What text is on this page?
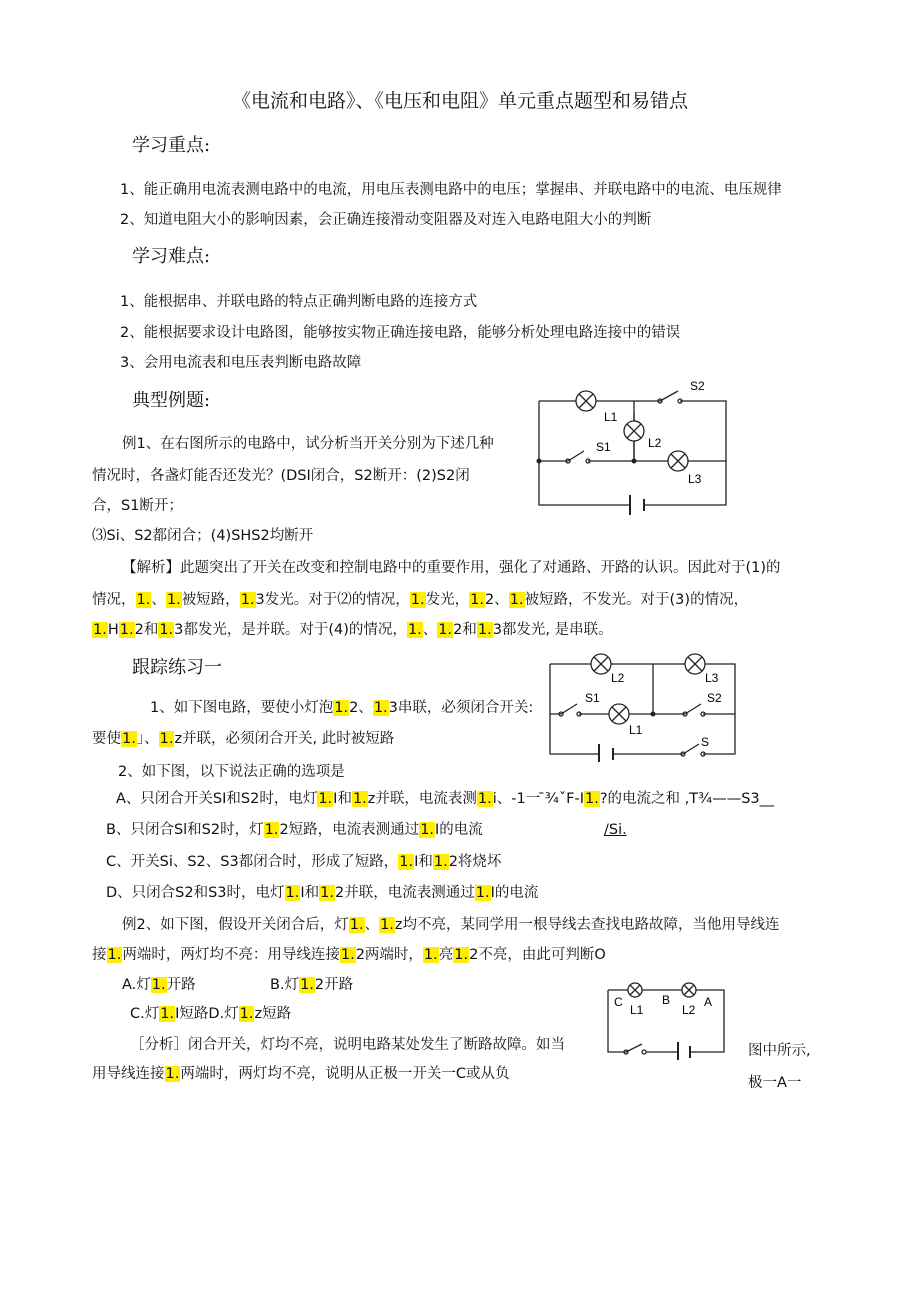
《电流和电路》、《电压和电阻》单元重点题型和易错点
学习重点:
1、能正确用电流表测电路中的电流，用电压表测电路中的电压；掌握串、并联电路中的电流、电压规律
2、知道电阻大小的影响因素，会正确连接滑动变阻器及对连入电路电阻大小的判断
学习难点:
1、能根据串、并联电路的特点正确判断电路的连接方式
2、能根据要求设计电路图，能够按实物正确连接电路，能够分析处理电路连接中的错误
3、会用电流表和电压表判断电路故障
典型例题:
例1、在右图所示的电路中，试分析当开关分别为下述几种
情况时，各盏灯能否还发光？(DSI闭合，S2断开：(2)S2闭
合，S1断开；
⑶Si、S2都闭合；(4)SHS2均断开
【解析】此题突出了开关在改变和控制电路中的重要作用，强化了对通路、开路的认识。因此对于(1)的
情况，1.、1.被短路，1.3发光。对于⑵的情况，1.发光，1.2、1.被短路，不发光。对于(3)的情况，
1.H1.2和1.3都发光，是并联。对于(4)的情况，1.、1.2和1.3都发光, 是串联。
跟踪练习一
1、如下图电路，要使小灯泡1.2、1.3串联，必须闭合开关:
要使1.」、1.z并联，必须闭合开关, 此时被短路
2、如下图，以下说法正确的选项是
A、只闭合开关SI和S2时，电灯1.I和1.z并联，电流表测1.i、-1一 ̄¾ˇF-I1.?的电流之和 ,T¾——S3__
B、只闭合Sl和S2时，灯1.2短路，电流表测通过1.I的电流	/Si.
C、开关Si、S2、S3都闭合时，形成了短路，1.I和1.2将烧坏
D、只闭合S2和S3时，电灯1.I和1.2并联，电流表测通过1.I的电流
例2、如下图，假设开关闭合后，灯1.、1.z均不亮，某同学用一根导线去查找电路故障，当他用导线连
接1.两端时，两灯均不亮：用导线连接1.2两端时，1.亮1.2不亮，由此可判断O
A.灯1.开路	B.灯1.2开路
C.灯1.I短路D.灯1.z短路
［分析］闭合开关，灯均不亮，说明电路某处发生了断路故障。如当
用导线连接1.两端时，两灯均不亮，说明从正极一开关一C或从负
图中所示,
极一A一
S2
L1
L2
S1
L3
L2	L3
S1	S2
L1
S
C	B	A
L1	L2
